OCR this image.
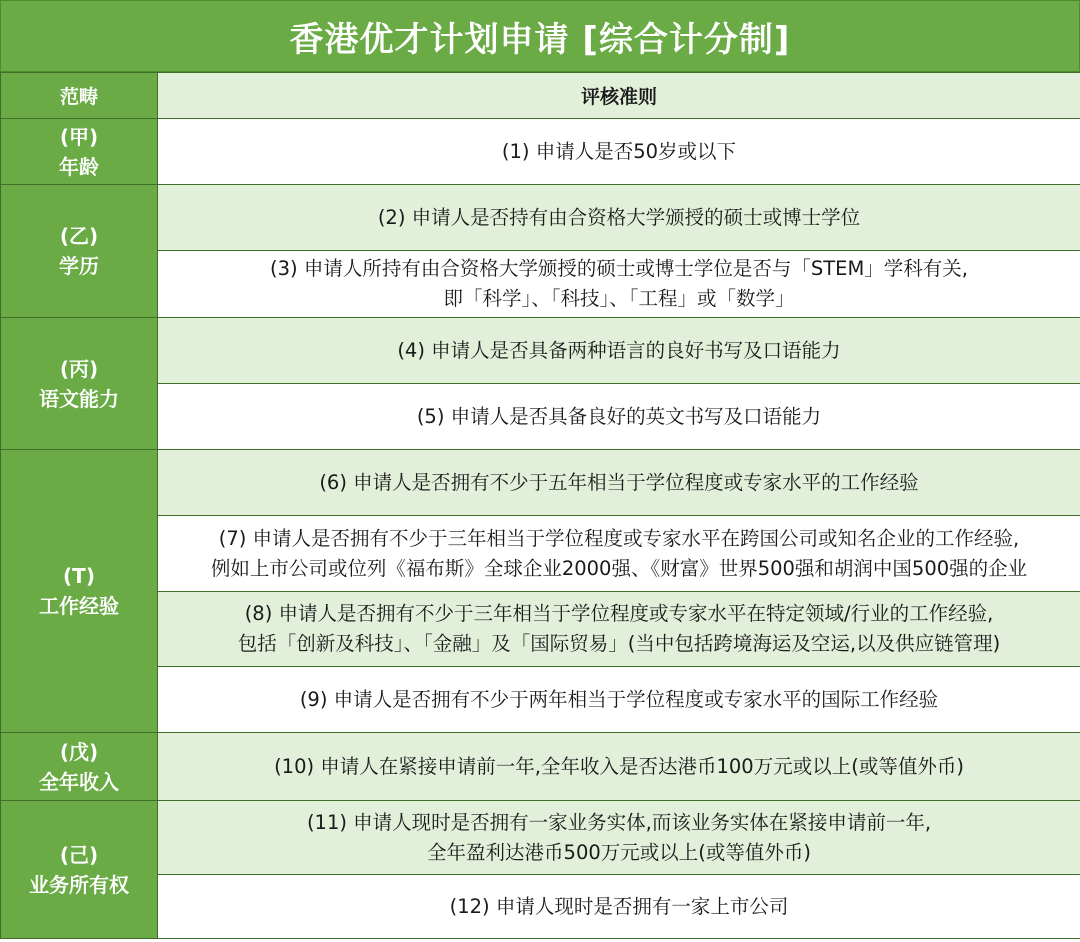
香港优才计划申请 [综合计分制]
范畴	评核准则

(甲)
年龄	(1) 申请人是否50岁或以下

(乙)
学历	(2) 申请人是否持有由合资格大学颁授的硕士或博士学位

	(3) 申请人所持有由合资格大学颁授的硕士或博士学位是否与「STEM」学科有关,
即「科学」、「科技」、「工程」或「数学」

(丙)
语文能力	(4) 申请人是否具备两种语言的良好书写及口语能力

	(5) 申请人是否具备良好的英文书写及口语能力

(T)
工作经验	(6) 申请人是否拥有不少于五年相当于学位程度或专家水平的工作经验

	(7) 申请人是否拥有不少于三年相当于学位程度或专家水平在跨国公司或知名企业的工作经验,
例如上市公司或位列《福布斯》全球企业2000强、《财富》世界500强和胡润中国500强的企业

	(8) 申请人是否拥有不少于三年相当于学位程度或专家水平在特定领域/行业的工作经验,
包括「创新及科技」、「金融」及「国际贸易」(当中包括跨境海运及空运,以及供应链管理)

	(9) 申请人是否拥有不少于两年相当于学位程度或专家水平的国际工作经验

(戊)
全年收入	(10) 申请人在紧接申请前一年,全年收入是否达港币100万元或以上(或等值外币)

(己)
业务所有权	(11) 申请人现时是否拥有一家业务实体,而该业务实体在紧接申请前一年,
全年盈利达港币500万元或以上(或等值外币)

	(12) 申请人现时是否拥有一家上市公司
